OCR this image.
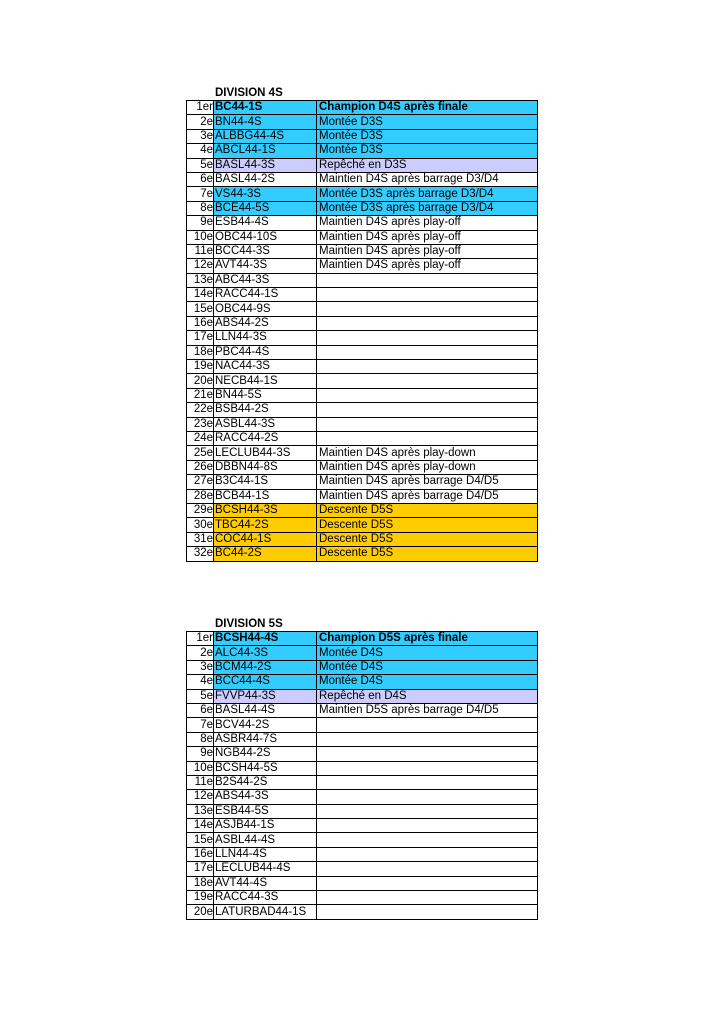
DIVISION 4S
1er	BC44-1S	Champion D4S après finale
2e	BN44-4S	Montée D3S
3e	ALBBG44-4S	Montée D3S
4e	ABCL44-1S	Montée D3S
5e	BASL44-3S	Repêché en D3S
6e	BASL44-2S	Maintien D4S après barrage D3/D4
7e	VS44-3S	Montée D3S après barrage D3/D4
8e	BCE44-5S	Montée D3S après barrage D3/D4
9e	ESB44-4S	Maintien D4S après play-off
10e	OBC44-10S	Maintien D4S après play-off
11e	BCC44-3S	Maintien D4S après play-off
12e	AVT44-3S	Maintien D4S après play-off
13e	ABC44-3S	
14e	RACC44-1S	
15e	OBC44-9S	
16e	ABS44-2S	
17e	LLN44-3S	
18e	PBC44-4S	
19e	NAC44-3S	
20e	NECB44-1S	
21e	BN44-5S	
22e	BSB44-2S	
23e	ASBL44-3S	
24e	RACC44-2S	
25e	LECLUB44-3S	Maintien D4S après play-down
26e	DBBN44-8S	Maintien D4S après play-down
27e	B3C44-1S	Maintien D4S après barrage D4/D5
28e	BCB44-1S	Maintien D4S après barrage D4/D5
29e	BCSH44-3S	Descente D5S
30e	TBC44-2S	Descente D5S
31e	COC44-1S	Descente D5S
32e	BC44-2S	Descente D5S
DIVISION 5S
1er	BCSH44-4S	Champion D5S après finale
2e	ALC44-3S	Montée D4S
3e	BCM44-2S	Montée D4S
4e	BCC44-4S	Montée D4S
5e	FVVP44-3S	Repêché en D4S
6e	BASL44-4S	Maintien D5S après barrage D4/D5
7e	BCV44-2S	
8e	ASBR44-7S	
9e	NGB44-2S	
10e	BCSH44-5S	
11e	B2S44-2S	
12e	ABS44-3S	
13e	ESB44-5S	
14e	ASJB44-1S	
15e	ASBL44-4S	
16e	LLN44-4S	
17e	LECLUB44-4S	
18e	AVT44-4S	
19e	RACC44-3S	
20e	LATURBAD44-1S	
